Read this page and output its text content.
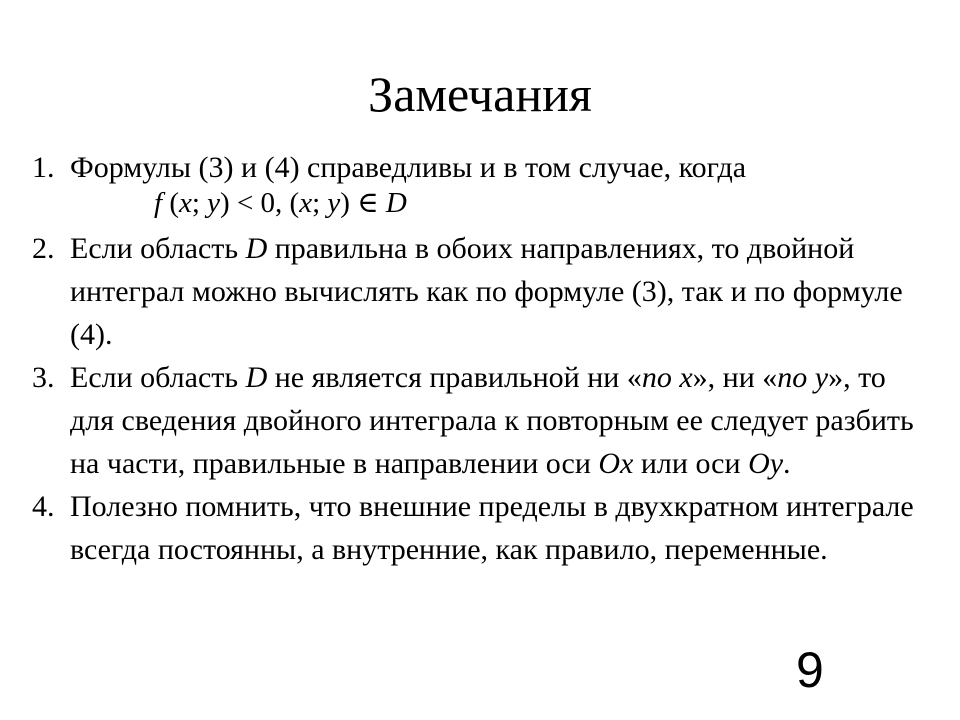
Замечания
1. Формулы (3) и (4) справедливы и в том случае, когда
f (x; y) < 0, (x; y) ∈ D
2. Если область D правильна в обоих направлениях, то двойной интеграл можно вычислять как по формуле (3), так и по формуле (4).
3. Если область D не является правильной ни «по x», ни «по y», то для сведения двойного интеграла к повторным ее следует разбить на части, правильные в направлении оси Ox или оси Oy.
4. Полезно помнить, что внешние пределы в двухкратном интеграле всегда постоянны, а внутренние, как правило, переменные.
9
